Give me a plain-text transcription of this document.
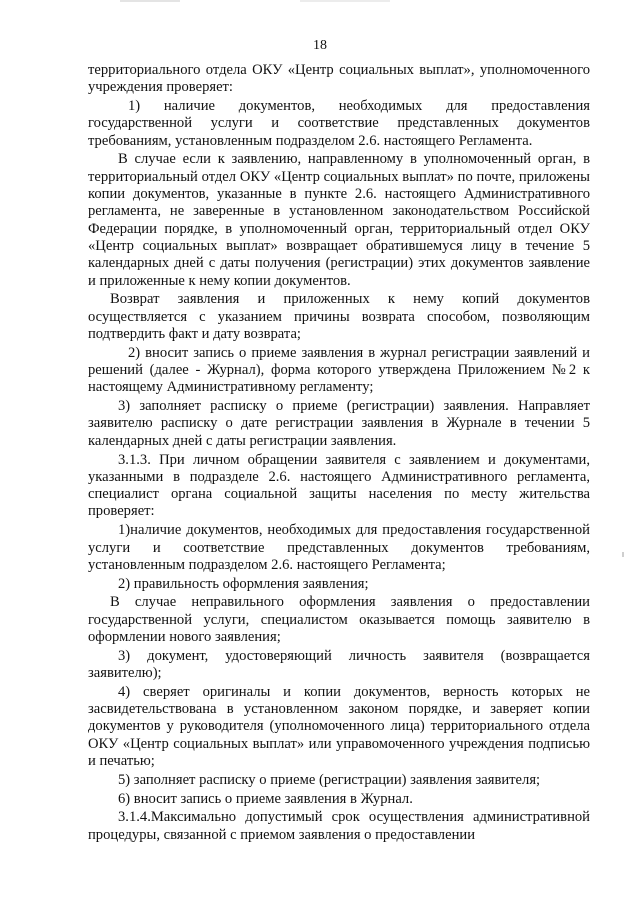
18

территориального отдела ОКУ «Центр социальных выплат», уполномоченного учреждения проверяет:

1) наличие документов, необходимых для предоставления государственной услуги и соответствие представленных документов требованиям, установленным подразделом 2.6. настоящего Регламента.

В случае если к заявлению, направленному в уполномоченный орган, в территориальный отдел ОКУ «Центр социальных выплат» по почте, приложены копии документов, указанные в пункте 2.6. настоящего Административного регламента, не заверенные в установленном законодательством Российской Федерации порядке, в уполномоченный орган, территориальный отдел ОКУ «Центр социальных выплат» возвращает обратившемуся лицу в течение 5 календарных дней с даты получения (регистрации) этих документов заявление и приложенные к нему копии документов.

Возврат заявления и приложенных к нему копий документов осуществляется с указанием причины возврата способом, позволяющим подтвердить факт и дату возврата;

2) вносит запись о приеме заявления в журнал регистрации заявлений и решений (далее - Журнал), форма которого утверждена Приложением №2 к настоящему Административному регламенту;

3) заполняет расписку о приеме (регистрации) заявления. Направляет заявителю расписку о дате регистрации заявления в Журнале в течении 5 календарных дней с даты регистрации заявления.

3.1.3. При личном обращении заявителя с заявлением и документами, указанными в подразделе 2.6. настоящего Административного регламента, специалист органа социальной защиты населения по месту жительства проверяет:

1)наличие документов, необходимых для предоставления государственной услуги и соответствие представленных документов требованиям, установленным подразделом 2.6. настоящего Регламента;

2) правильность оформления заявления;

В случае неправильного оформления заявления о предоставлении государственной услуги, специалистом оказывается помощь заявителю в оформлении нового заявления;

3) документ, удостоверяющий личность заявителя (возвращается заявителю);

4) сверяет оригиналы и копии документов, верность которых не засвидетельствована в установленном законом порядке, и заверяет копии документов у руководителя (уполномоченного лица) территориального отдела ОКУ «Центр социальных выплат» или управомоченного учреждения подписью и печатью;

5) заполняет расписку о приеме (регистрации) заявления заявителя;

6) вносит запись о приеме заявления в Журнал.

3.1.4.Максимально допустимый срок осуществления административной процедуры, связанной с приемом заявления о предоставлении
